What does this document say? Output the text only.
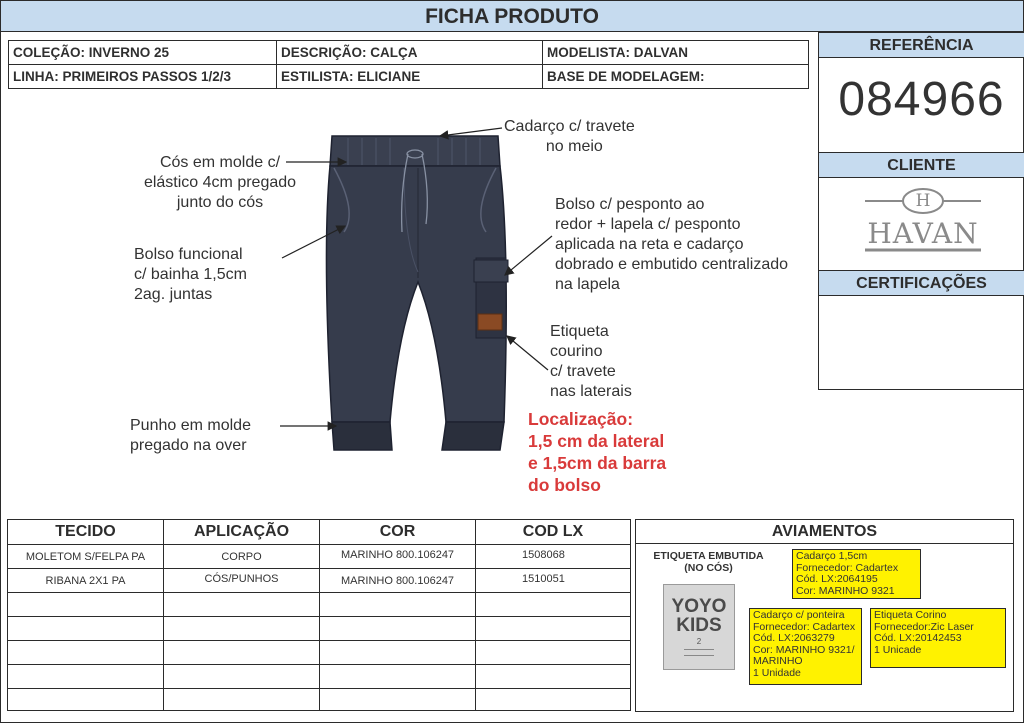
FICHA PRODUTO
COLEÇÃO: INVERNO 25	DESCRIÇÃO: CALÇA	MODELISTA: DALVAN
LINHA: PRIMEIROS PASSOS 1/2/3	ESTILISTA: ELICIANE	BASE DE MODELAGEM:
REFERÊNCIA
084966
CLIENTE
H
HAVAN
CERTIFICAÇÕES
Cadarço c/ travete
no meio
Cós em molde c/
elástico 4cm pregado
junto do cós
Bolso funcional
c/ bainha 1,5cm
2ag. juntas
Bolso c/ pesponto ao
redor + lapela c/ pesponto
aplicada na reta e cadarço
dobrado e embutido centralizado
na lapela
Etiqueta
courino
c/ travete
nas laterais
Punho em molde
pregado na over
Localização:
1,5 cm da lateral
e 1,5cm da barra
do bolso
TECIDO	APLICAÇÃO	COR	COD LX
MOLETOM S/FELPA PA	CORPO	MARINHO 800.106247	1508068
RIBANA 2X1 PA	CÓS/PUNHOS	MARINHO 800.106247	1510051
AVIAMENTOS
ETIQUETA EMBUTIDA
(NO CÓS)
YOYO
KIDS
2
Cadarço 1,5cm
Fornecedor: Cadartex
Cód. LX:2064195
Cor: MARINHO 9321
Cadarço c/ ponteira
Fornecedor: Cadartex
Cód. LX:2063279
Cor: MARINHO 9321/
MARINHO
1 Unidade
Etiqueta Corino
Fornecedor:Zic Laser
Cód. LX:20142453
1 Unicade
